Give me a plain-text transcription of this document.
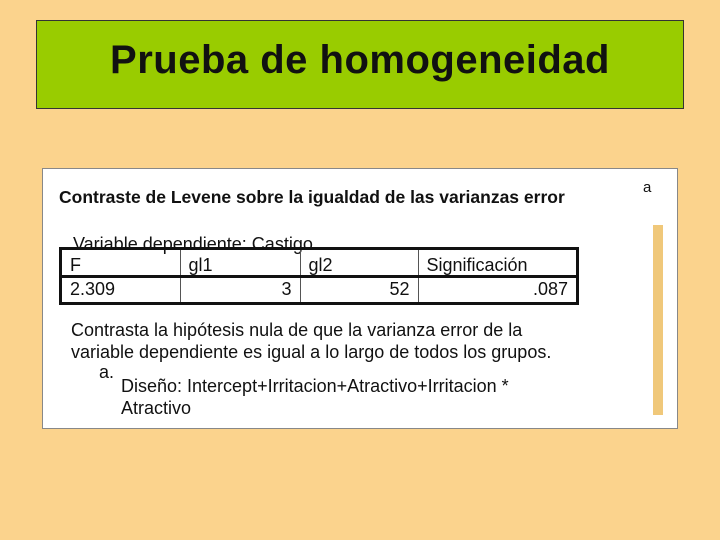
Prueba de homogeneidad
Contraste de Levene sobre la igualdad de las varianzas error	a
Variable dependiente: Castigo
F	gl1	gl2	Significación

2.309	3	52	.087
Contrasta la hipótesis nula de que la varianza error de la

variable dependiente es igual a lo largo de todos los grupos.
a.
Diseño: Intercept+Irritacion+Atractivo+Irritacion *

Atractivo
